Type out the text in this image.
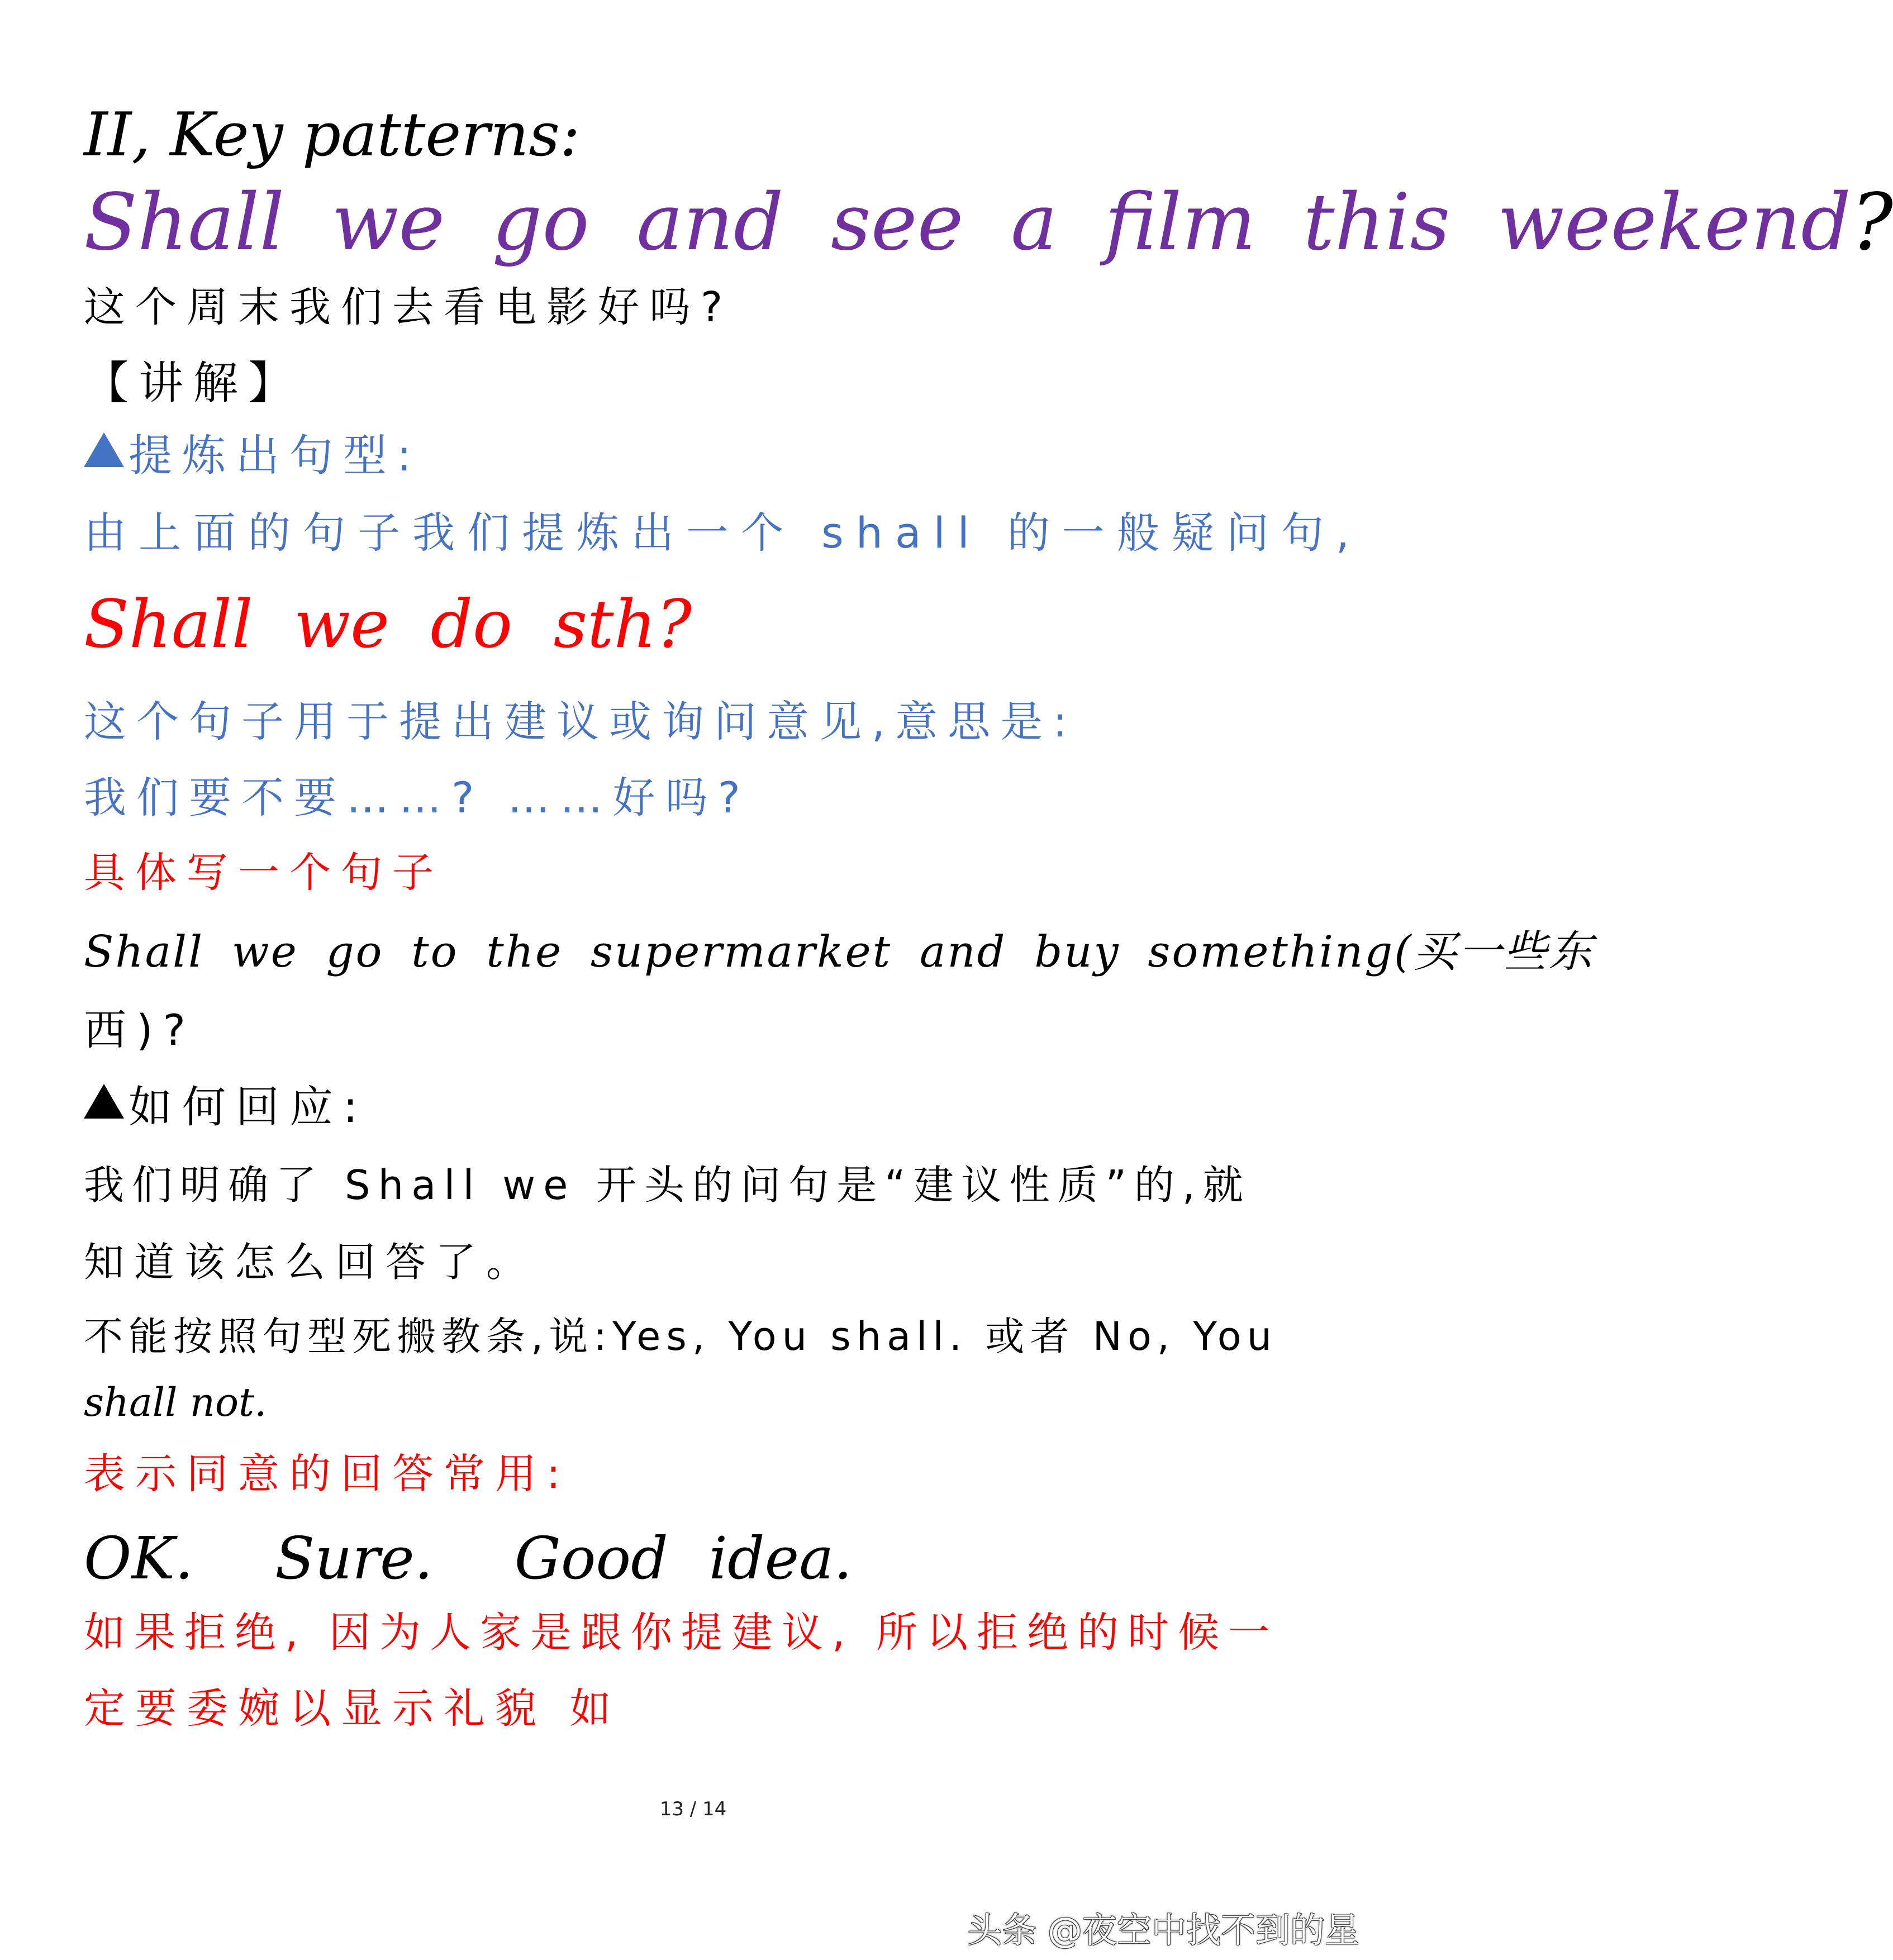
II, Key patterns:
Shall we go and see a film this weekend?
这个周末我们去看电影好吗?
【讲解】
提炼出句型:
由上面的句子我们提炼出一个 shall 的一般疑问句,
Shall we do sth?
这个句子用于提出建议或询问意见,意思是:
我们要不要……? ……好吗?
具体写一个句子
Shall we go to the supermarket and buy something(买一些东
西)?
如何回应:
我们明确了 Shall we 开头的问句是“建议性质”的,就
知道该怎么回答了。
不能按照句型死搬教条,说:Yes, You shall. 或者 No, You
shall not.
表示同意的回答常用:
OK.  Sure.  Good idea.
如果拒绝, 因为人家是跟你提建议, 所以拒绝的时候一
定要委婉以显示礼貌 如
13 / 14
头条 @夜空中找不到的星
